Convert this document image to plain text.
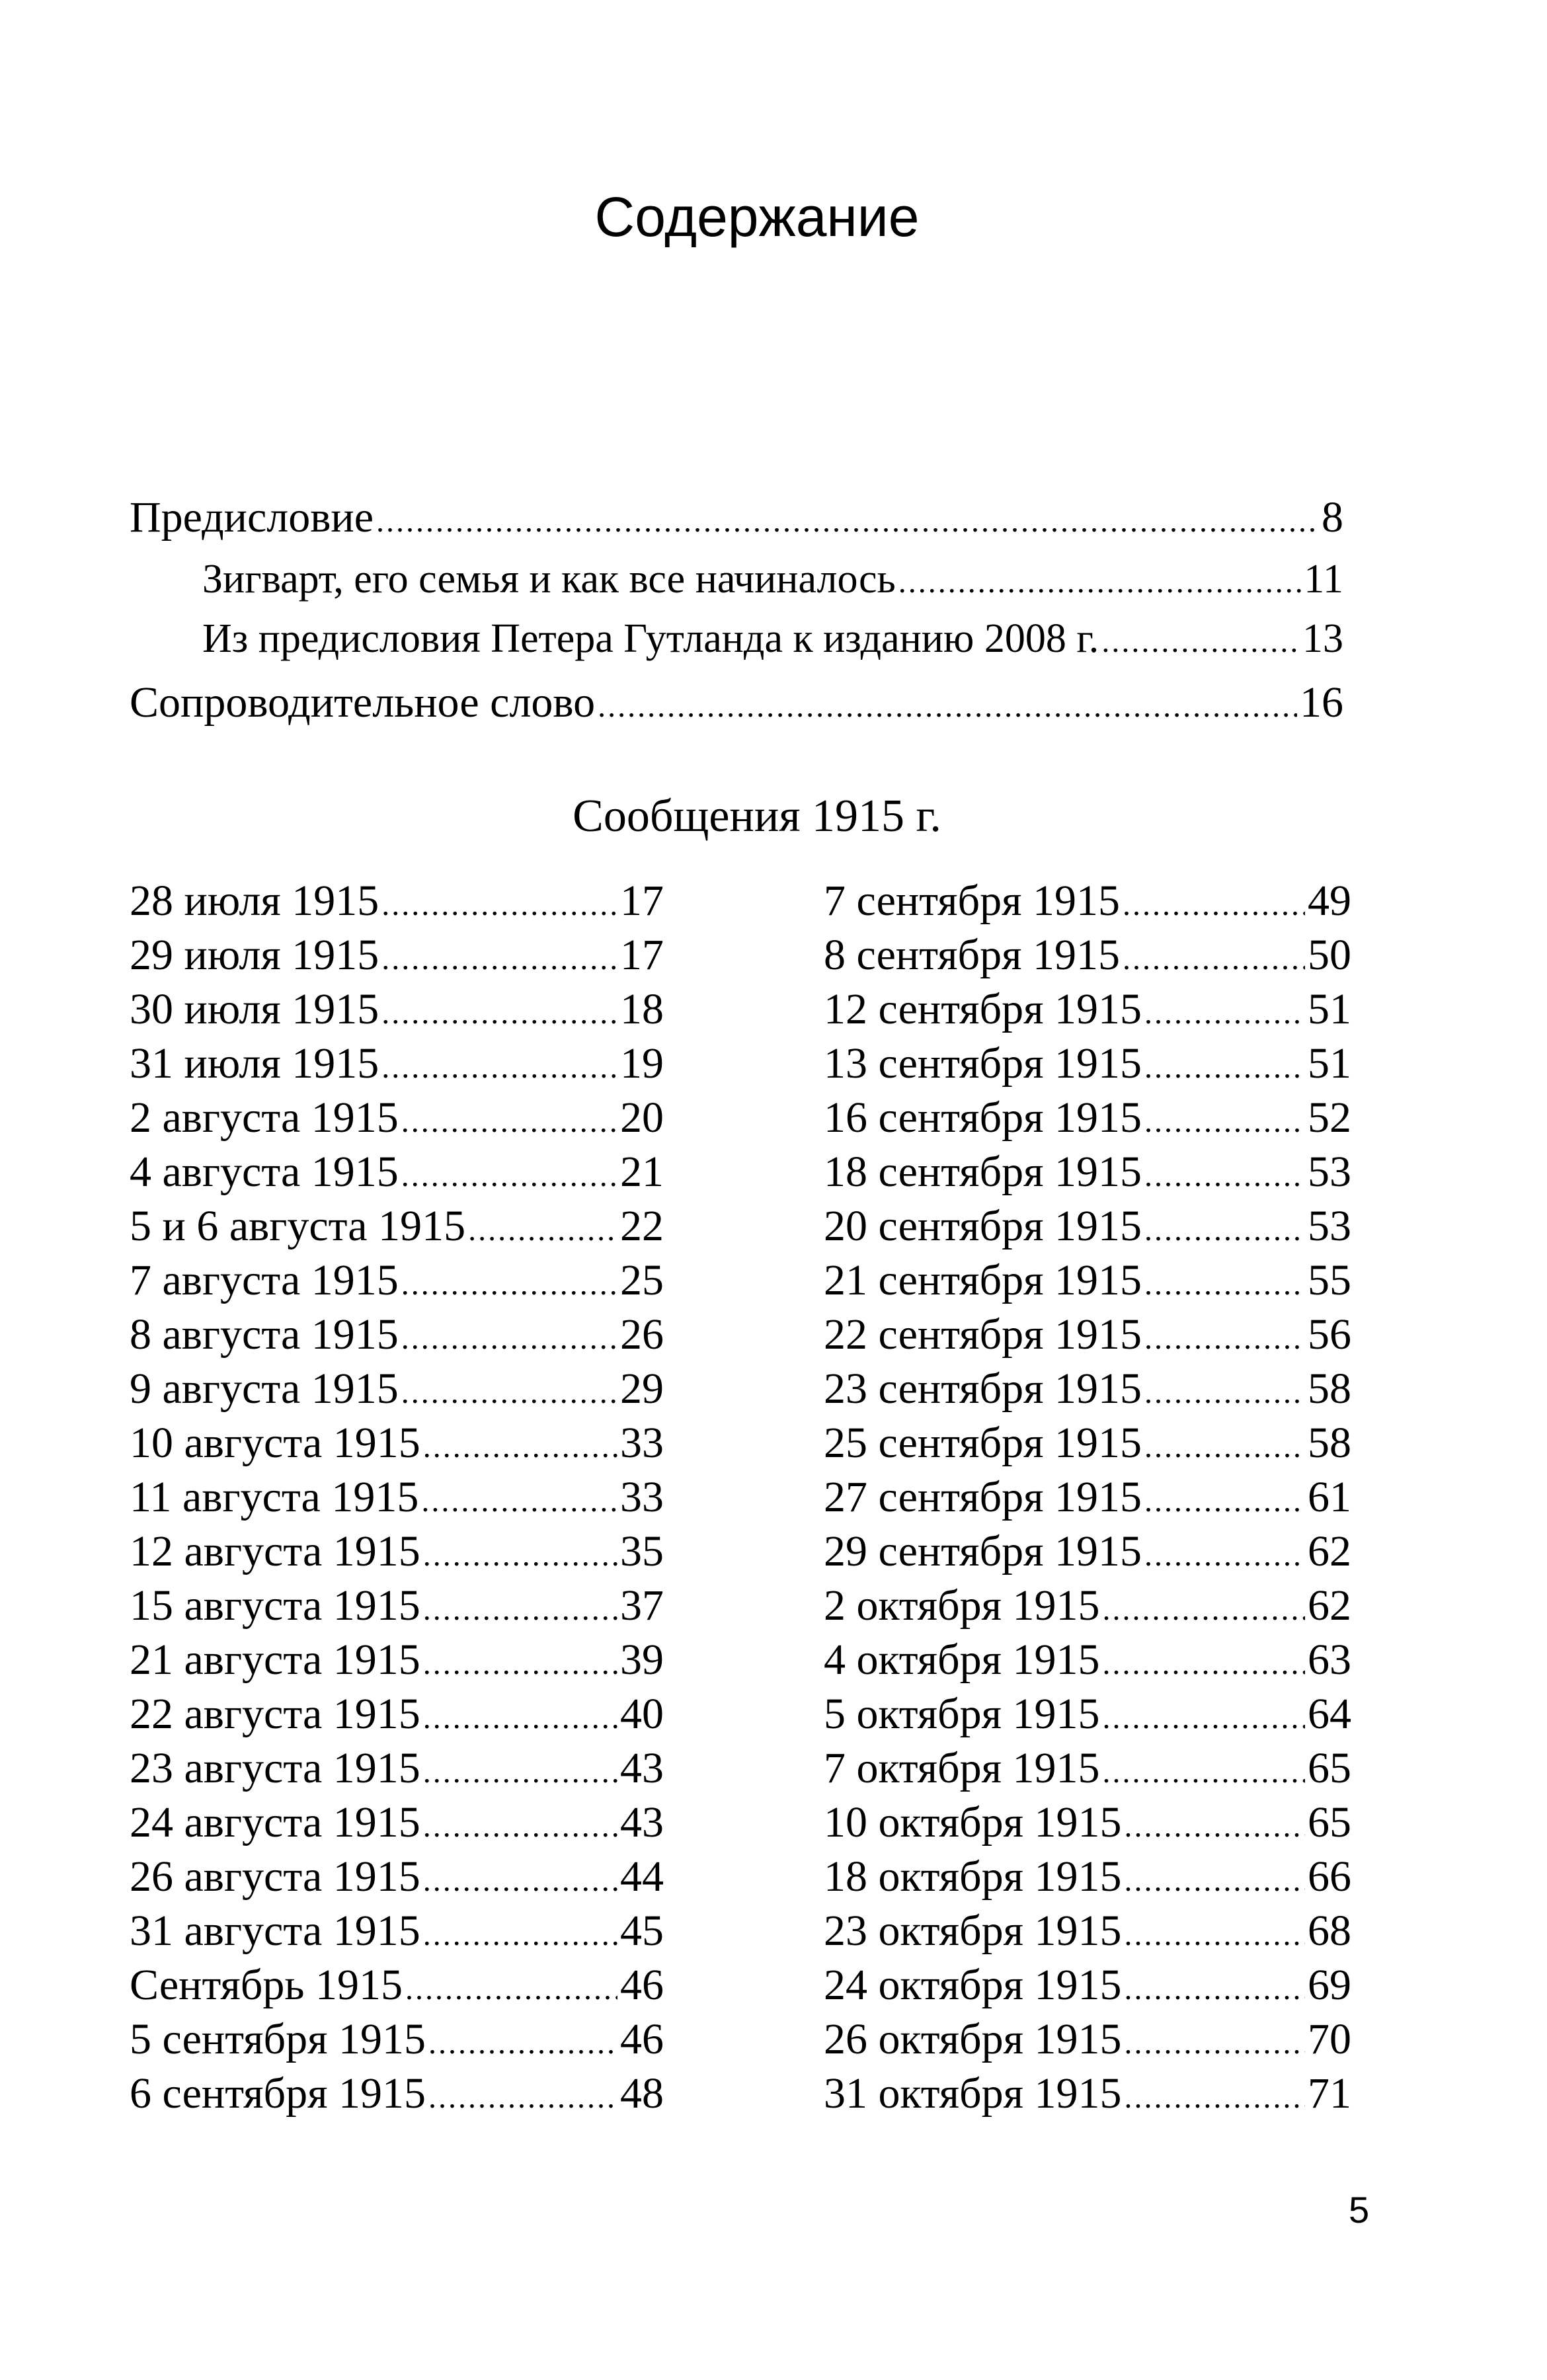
Содержание
Предисловие .....	8
Зигварт, его семья и как все начиналось .....	11
Из предисловия Петера Гутланда к изданию 2008 г. .....	13
Сопроводительное слово .....	16
Сообщения 1915 г.
28 июля 1915 .....	17
29 июля 1915 .....	17
30 июля 1915 .....	18
31 июля 1915 .....	19
2 августа 1915 .....	20
4 августа 1915 .....	21
5 и 6 августа 1915 .....	22
7 августа 1915 .....	25
8 августа 1915 .....	26
9 августа 1915 .....	29
10 августа 1915 .....	33
11 августа 1915 .....	33
12 августа 1915 .....	35
15 августа 1915 .....	37
21 августа 1915 .....	39
22 августа 1915 .....	40
23 августа 1915 .....	43
24 августа 1915 .....	43
26 августа 1915 .....	44
31 августа 1915 .....	45
Сентябрь 1915 .....	46
5 сентября 1915 .....	46
6 сентября 1915 .....	48
7 сентября 1915 .....	49
8 сентября 1915 .....	50
12 сентября 1915 .....	51
13 сентября 1915 .....	51
16 сентября 1915 .....	52
18 сентября 1915 .....	53
20 сентября 1915 .....	53
21 сентября 1915 .....	55
22 сентября 1915 .....	56
23 сентября 1915 .....	58
25 сентября 1915 .....	58
27 сентября 1915 .....	61
29 сентября 1915 .....	62
2 октября 1915 .....	62
4 октября 1915 .....	63
5 октября 1915 .....	64
7 октября 1915 .....	65
10 октября 1915 .....	65
18 октября 1915 .....	66
23 октября 1915 .....	68
24 октября 1915 .....	69
26 октября 1915 .....	70
31 октября 1915 .....	71
5
